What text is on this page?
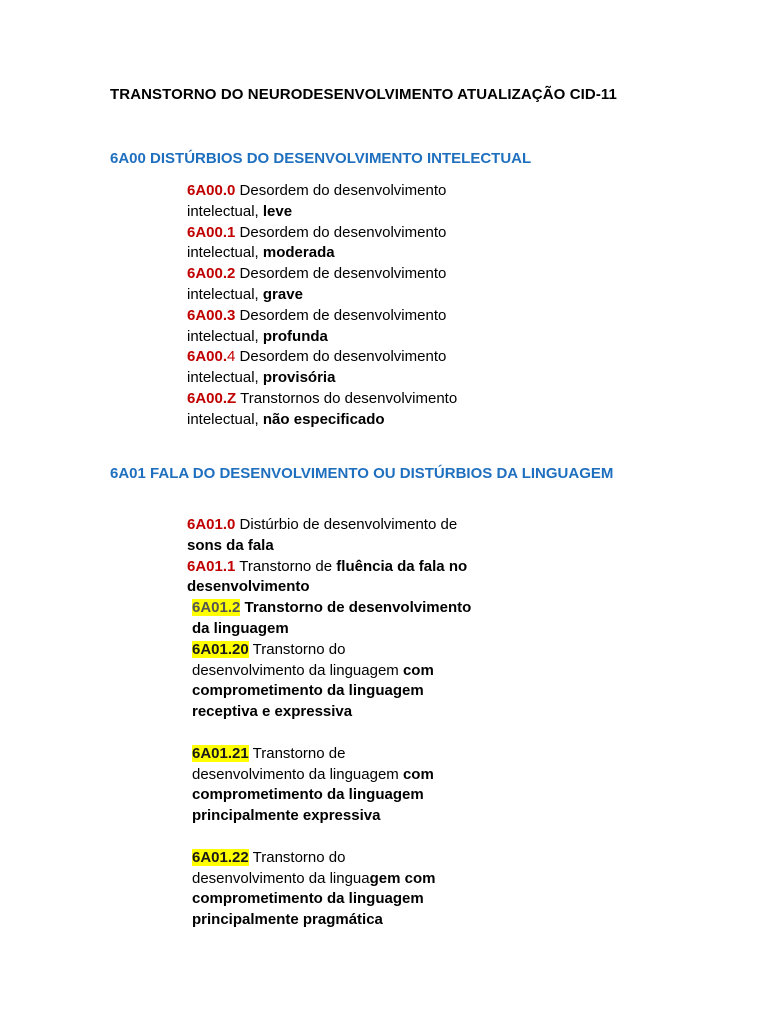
TRANSTORNO DO NEURODESENVOLVIMENTO ATUALIZAÇÃO CID-11
6A00 DISTÚRBIOS DO DESENVOLVIMENTO INTELECTUAL
6A00.0 Desordem do desenvolvimento
intelectual, leve
6A00.1 Desordem do desenvolvimento
intelectual, moderada
6A00.2 Desordem de desenvolvimento
intelectual, grave
6A00.3 Desordem de desenvolvimento
intelectual, profunda
6A00.4 Desordem do desenvolvimento
intelectual, provisória
6A00.Z Transtornos do desenvolvimento
intelectual, não especificado
6A01 FALA DO DESENVOLVIMENTO OU DISTÚRBIOS DA LINGUAGEM
6A01.0 Distúrbio de desenvolvimento de
sons da fala
6A01.1 Transtorno de fluência da fala no
desenvolvimento
6A01.2 Transtorno de desenvolvimento
da linguagem
6A01.20 Transtorno do
desenvolvimento da linguagem com
comprometimento da linguagem
receptiva e expressiva
6A01.21 Transtorno de
desenvolvimento da linguagem com
comprometimento da linguagem
principalmente expressiva
6A01.22 Transtorno do
desenvolvimento da linguagem com
comprometimento da linguagem
principalmente pragmática
